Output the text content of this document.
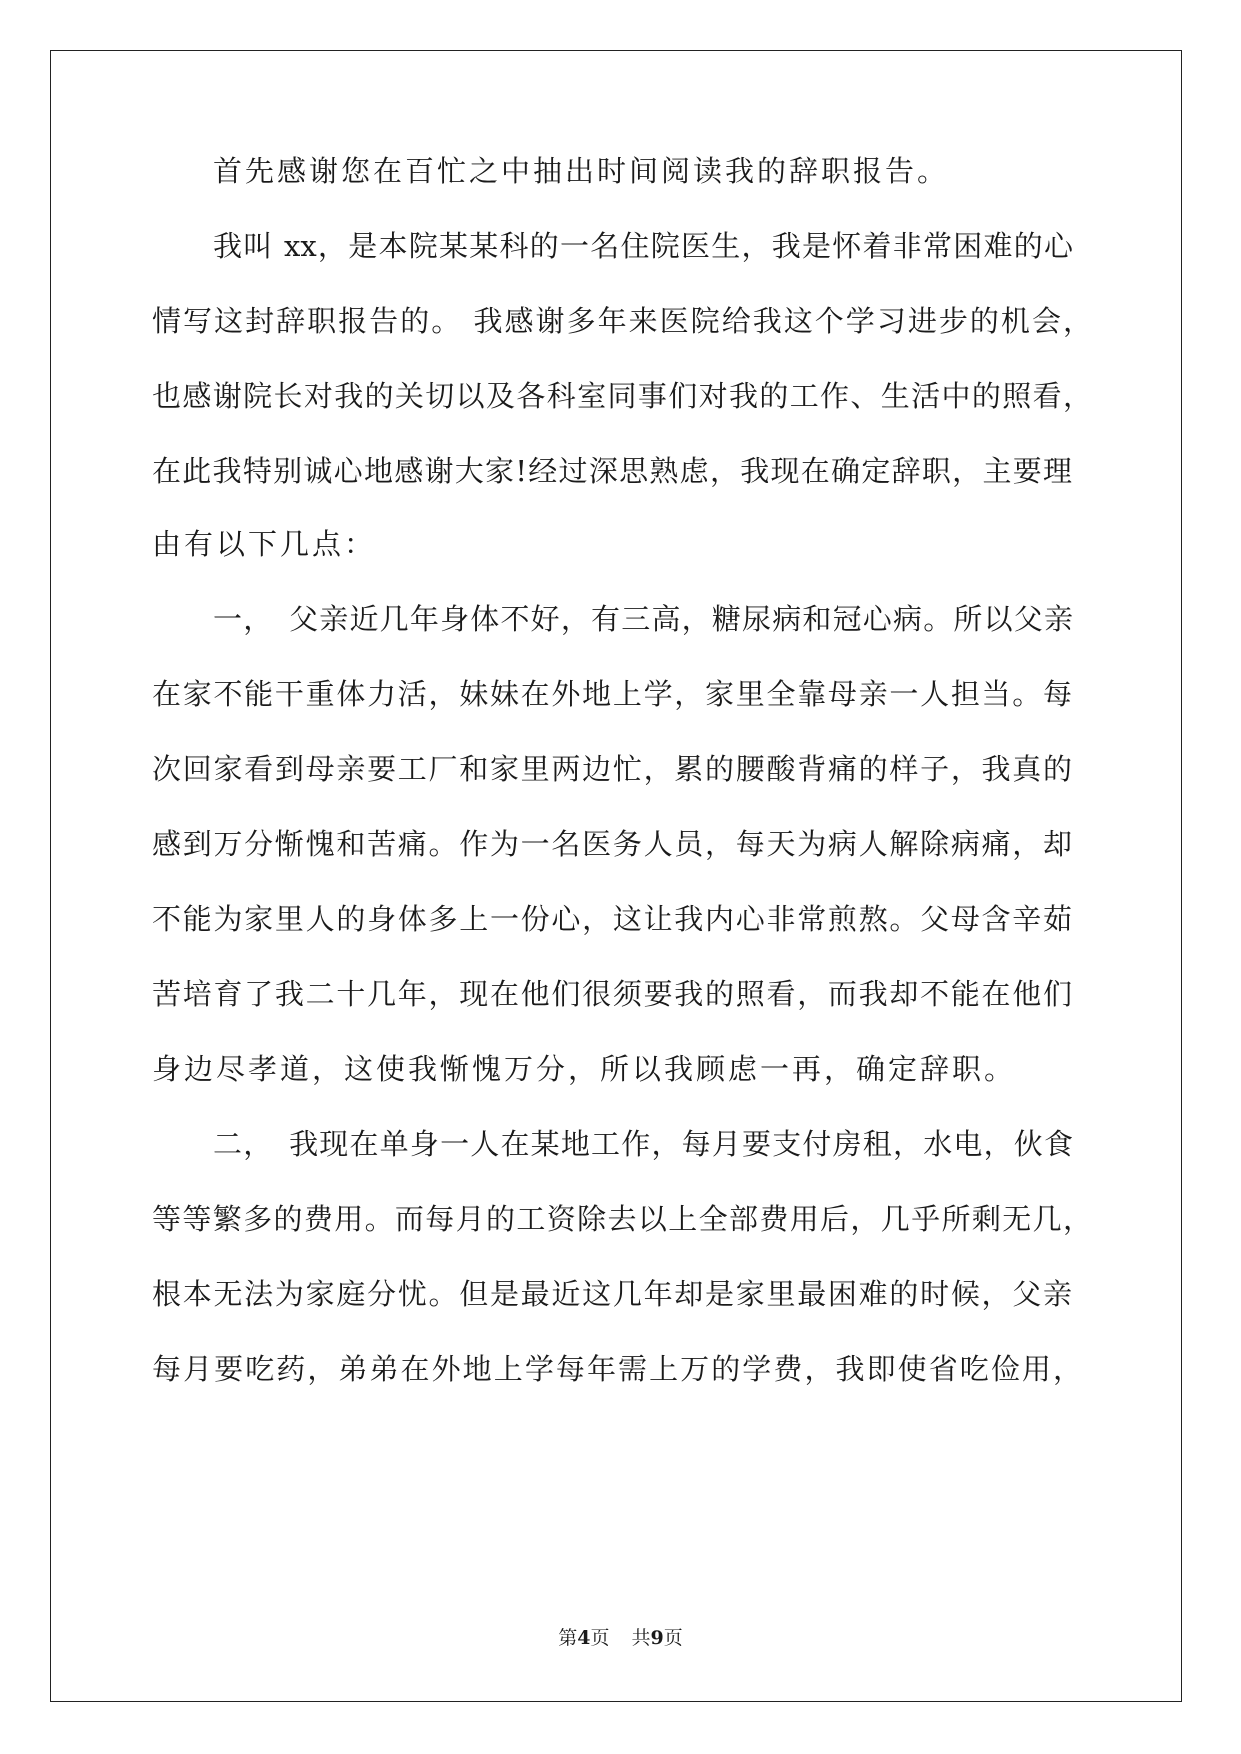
首先感谢您在百忙之中抽出时间阅读我的辞职报告。
我叫 xx，是本院某某科的一名住院医生，我是怀着非常困难的心
情写这封辞职报告的。 我感谢多年来医院给我这个学习进步的机会，
也感谢院长对我的关切以及各科室同事们对我的工作、生活中的照看，
在此我特别诚心地感谢大家!经过深思熟虑，我现在确定辞职，主要理
由有以下几点：
一，　父亲近几年身体不好，有三高，糖尿病和冠心病。所以父亲
在家不能干重体力活，妹妹在外地上学，家里全靠母亲一人担当。每
次回家看到母亲要工厂和家里两边忙，累的腰酸背痛的样子，我真的
感到万分惭愧和苦痛。作为一名医务人员，每天为病人解除病痛，却
不能为家里人的身体多上一份心，这让我内心非常煎熬。父母含辛茹
苦培育了我二十几年，现在他们很须要我的照看，而我却不能在他们
身边尽孝道，这使我惭愧万分，所以我顾虑一再，确定辞职。
二，　我现在单身一人在某地工作，每月要支付房租，水电，伙食
等等繁多的费用。而每月的工资除去以上全部费用后，几乎所剩无几，
根本无法为家庭分忧。但是最近这几年却是家里最困难的时候，父亲
每月要吃药，弟弟在外地上学每年需上万的学费，我即使省吃俭用，
第4页 共9页
